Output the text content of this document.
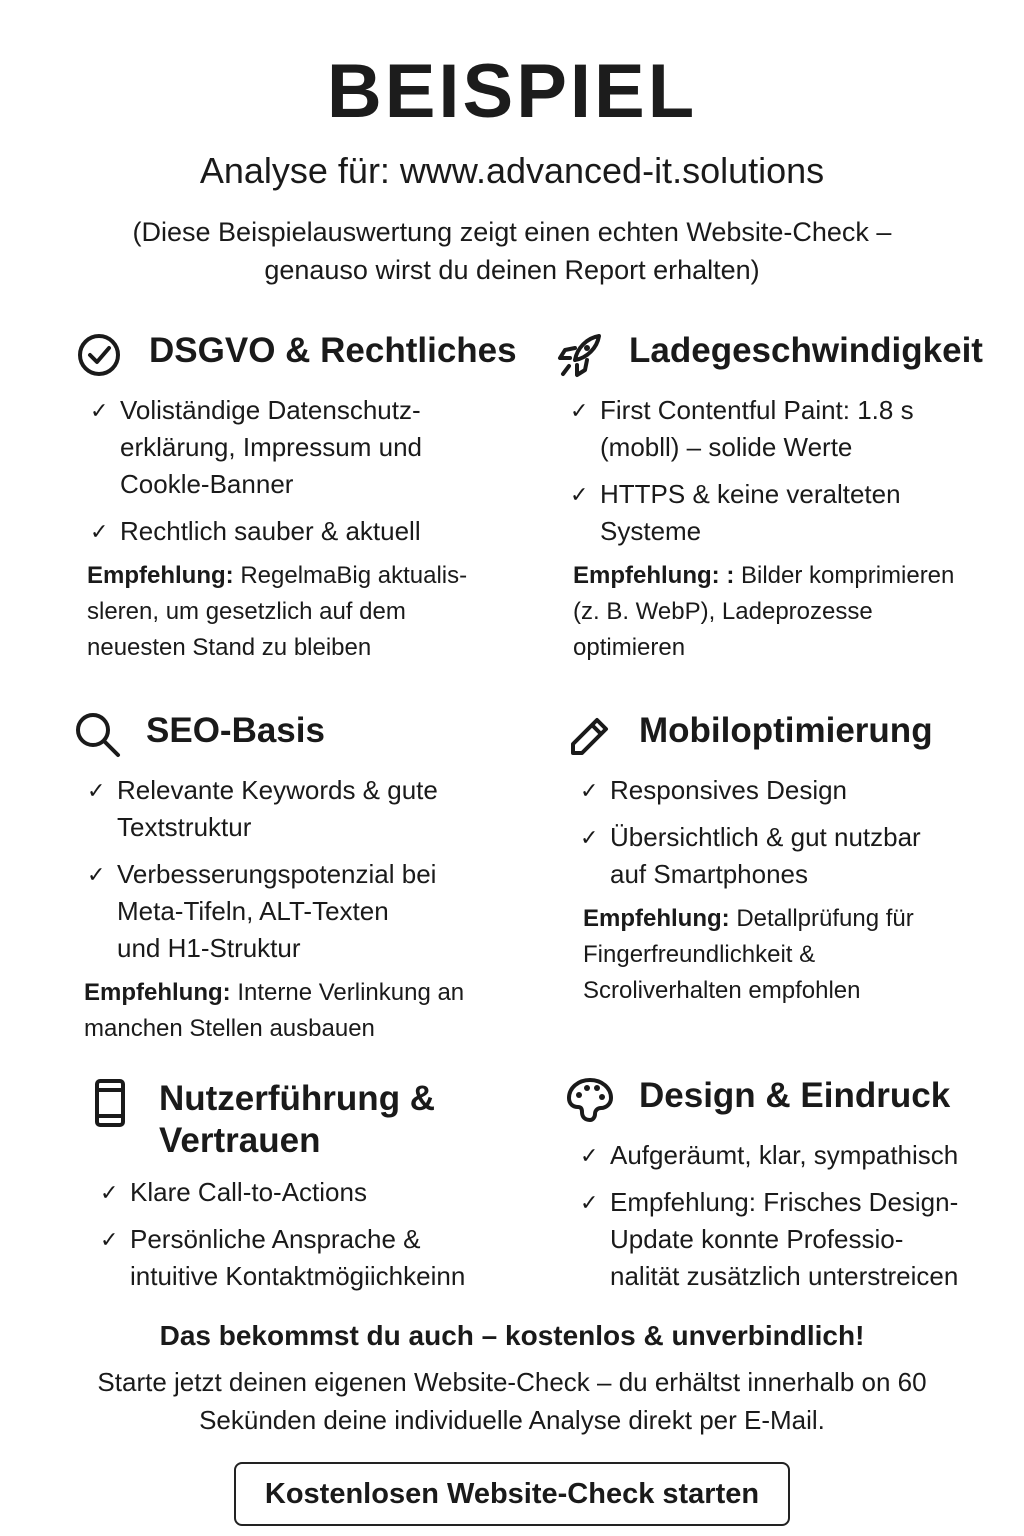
BEISPIEL
Analyse für: www.advanced-it.solutions
(Diese Beispielauswertung zeigt einen echten Website-Check –
genauso wirst du deinen Report erhalten)
DSGVO & Rechtliches
✓ Voliständige Datenschutz-
erklärung, Impressum und
Cookle-Banner
✓ Rechtlich sauber & aktuell
Empfehlung: RegelmaBig aktualis-
sleren, um gesetzlich auf dem
neuesten Stand zu bleiben
Ladegeschwindigkeit
✓ First Contentful Paint: 1.8 s
(mobll) – solide Werte
✓ HTTPS & keine veralteten
Systeme
Empfehlung: : Bilder komprimieren
(z. B. WebP), Ladeprozesse
optimieren
SEO-Basis
✓ Relevante Keywords & gute
Textstruktur
✓ Verbesserungspotenzial bei
Meta-Tifeln, ALT-Texten
und H1-Struktur
Empfehlung: Interne Verlinkung an
manchen Stellen ausbauen
Mobiloptimierung
✓ Responsives Design
✓ Übersichtlich & gut nutzbar
auf Smartphones
Empfehlung: Detallprüfung für
Fingerfreundlichkeit &
Scroliverhalten empfohlen
Nutzerführung &
Vertrauen
✓ Klare Call-to-Actions
✓ Persönliche Ansprache &
intuitive Kontaktmögiichkeinn
Design & Eindruck
✓ Aufgeräumt, klar, sympathisch
✓ Empfehlung: Frisches Design-
Update konnte Professio-
nalität zusätzlich unterstreicen
Das bekommst du auch – kostenlos & unverbindlich!
Starte jetzt deinen eigenen Website-Check – du erhältst innerhalb on 60
Sekünden deine individuelle Analyse direkt per E-Mail.
Kostenlosen Website-Check starten
